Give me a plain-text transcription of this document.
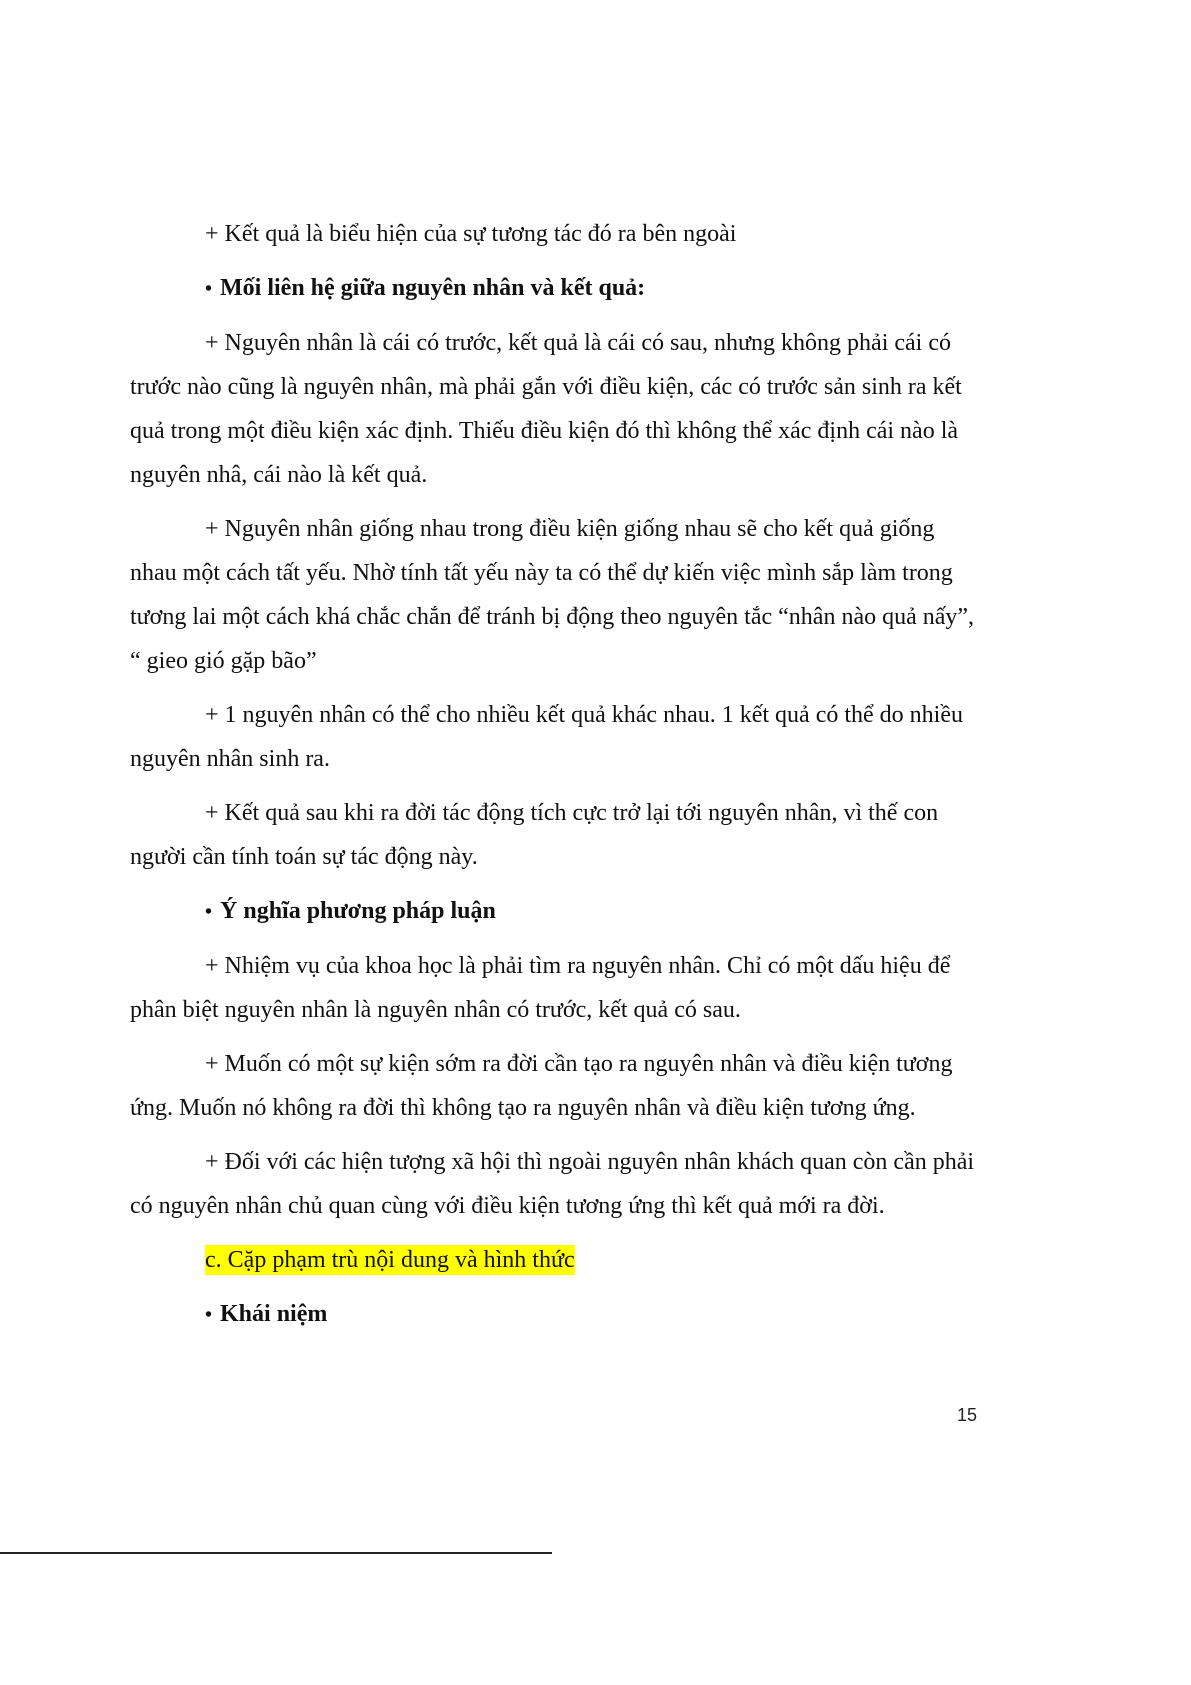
+ Kết quả là biểu hiện của sự tương tác đó ra bên ngoài

• Mối liên hệ giữa nguyên nhân và kết quả:

+ Nguyên nhân là cái có trước, kết quả là cái có sau, nhưng không phải cái có trước nào cũng là nguyên nhân, mà phải gắn với điều kiện, các có trước sản sinh ra kết quả trong một điều kiện xác định. Thiếu điều kiện đó thì không thể xác định cái nào là nguyên nhâ, cái nào là kết quả.

+ Nguyên nhân giống nhau trong điều kiện giống nhau sẽ cho kết quả giống nhau một cách tất yếu. Nhờ tính tất yếu này ta có thể dự kiến việc mình sắp làm trong tương lai một cách khá chắc chắn để tránh bị động theo nguyên tắc “nhân nào quả nấy”, “ gieo gió gặp bão”

+ 1 nguyên nhân có thể cho nhiều kết quả khác nhau. 1 kết quả có thể do nhiều nguyên nhân sinh ra.

+ Kết quả sau khi ra đời tác động tích cực trở lại tới nguyên nhân, vì thế con người cần tính toán sự tác động này.

• Ý nghĩa phương pháp luận

+ Nhiệm vụ của khoa học là phải tìm ra nguyên nhân. Chỉ có một dấu hiệu để phân biệt nguyên nhân là nguyên nhân có trước, kết quả có sau.

+ Muốn có một sự kiện sớm ra đời cần tạo ra nguyên nhân và điều kiện tương ứng. Muốn nó không ra đời thì không tạo ra nguyên nhân và điều kiện tương ứng.

+ Đối với các hiện tượng xã hội thì ngoài nguyên nhân khách quan còn cần phải có nguyên nhân chủ quan cùng với điều kiện tương ứng thì kết quả mới ra đời.

c. Cặp phạm trù nội dung và hình thức

• Khái niệm

15
